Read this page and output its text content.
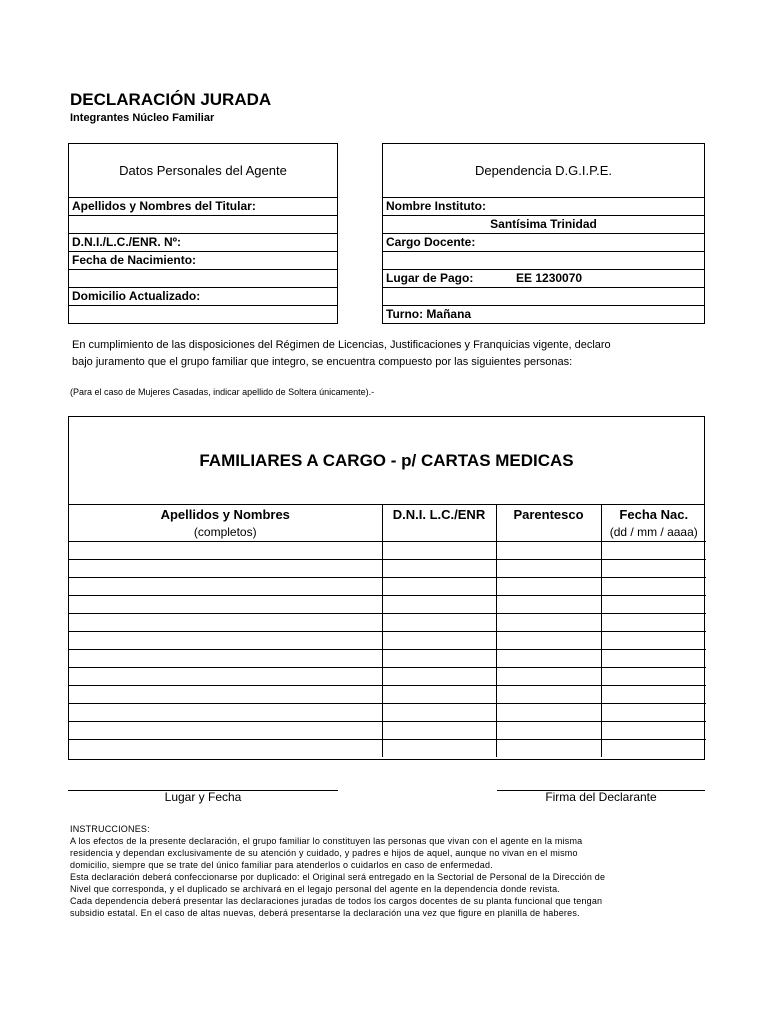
DECLARACIÓN JURADA
Integrantes Núcleo Familiar
Datos Personales del Agente
Apellidos y Nombres del Titular:
D.N.I./L.C./ENR. Nº:
Fecha de Nacimiento:
Domicilio Actualizado:
Dependencia D.G.I.P.E.
Nombre Instituto:
Santísima Trinidad
Cargo Docente:
Lugar de Pago:	EE 1230070
Turno: Mañana
En cumplimiento de las disposiciones del Régimen de Licencias, Justificaciones y Franquicias vigente, declaro
bajo juramento que el grupo familiar que integro, se encuentra compuesto por las siguientes personas:
(Para el caso de Mujeres Casadas, indicar apellido de Soltera únicamente).-
FAMILIARES A CARGO - p/ CARTAS MEDICAS
Apellidos y Nombres	D.N.I. L.C./ENR	Parentesco	Fecha Nac.
(completos)			(dd / mm / aaaa)

Lugar y Fecha	Firma del Declarante
INSTRUCCIONES:
A los efectos de la presente declaración, el grupo familiar lo constituyen las personas que vivan con el agente en la misma
residencia y dependan exclusivamente de su atención y cuidado, y padres e hijos de aquel, aunque no vivan en el mismo
domicilio, siempre que se trate del único familiar para atenderlos o cuidarlos en caso de enfermedad.
Esta declaración deberá confeccionarse por duplicado: el Original será entregado en la Sectorial de Personal de la Dirección de
Nivel que corresponda, y el duplicado se archivará en el legajo personal del agente en la dependencia donde revista.
Cada dependencia deberá presentar las declaraciones juradas de todos los cargos docentes de su planta funcional que tengan
subsidio estatal. En el caso de altas nuevas, deberá presentarse la declaración una vez que figure en planilla de haberes.
